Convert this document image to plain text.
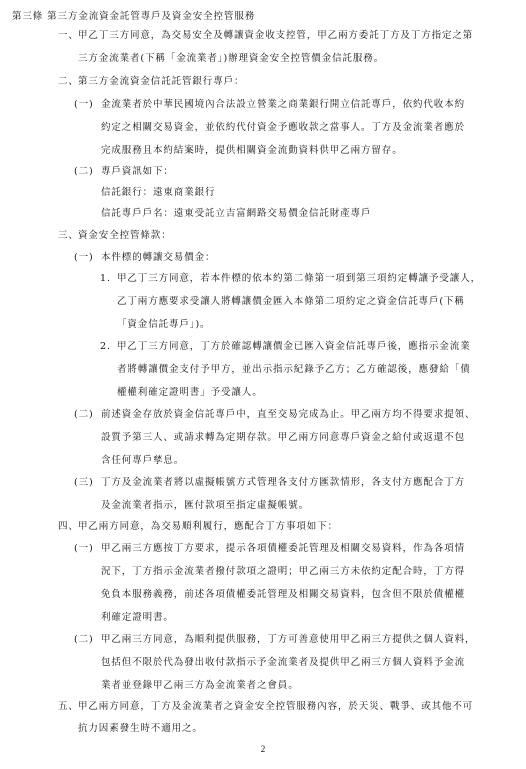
第三條 第三方金流資金託管專戶及資金安全控管服務
一、 甲乙丁三方同意，為交易安全及轉讓資金收支控管，甲乙兩方委託丁方及丁方指定之第
三方金流業者(下稱「金流業者」)辦理資金安全控管價金信託服務。
二、 第三方金流資金信託託管銀行專戶：
(一) 金流業者於中華民國境內合法設立營業之商業銀行開立信託專戶，依約代收本約
約定之相關交易資金，並依約代付資金予應收款之當事人。丁方及金流業者應於
完成服務且本約結案時，提供相關資金流動資料供甲乙兩方留存。
(二) 專戶資訊如下：
信託銀行：遠東商業銀行
信託專戶戶名：遠東受託立吉富網路交易價金信託財產專戶
三、 資金安全控管條款：
(一) 本件標的轉讓交易價金：
1. 甲乙丁三方同意，若本件標的依本約第二條第一項到第三項約定轉讓予受讓人，
乙丁兩方應要求受讓人將轉讓價金匯入本條第二項約定之資金信託專戶(下稱
「資金信託專戶」)。
2. 甲乙丁三方同意，丁方於確認轉讓價金已匯入資金信託專戶後，應指示金流業
者將轉讓價金支付予甲方，並出示指示紀錄予乙方；乙方確認後，應發給「債
權權利確定證明書」予受讓人。
(二) 前述資金存放於資金信託專戶中，直至交易完成為止。甲乙兩方均不得要求提領、
設質予第三人、或請求轉為定期存款。甲乙兩方同意專戶資金之給付或返還不包
含任何專戶孳息。
(三) 丁方及金流業者將以虛擬帳號方式管理各支付方匯款情形，各支付方應配合丁方
及金流業者指示，匯付款項至指定虛擬帳號。
四、 甲乙兩方同意，為交易順利履行，應配合丁方事項如下：
(一) 甲乙兩三方應按丁方要求，提示各項債權委託管理及相關交易資料，作為各項情
況下，丁方指示金流業者撥付款項之證明；甲乙兩三方未依約定配合時，丁方得
免負本服務義務，前述各項債權委託管理及相關交易資料，包含但不限於債權權
利確定證明書。
(二) 甲乙兩三方同意，為順利提供服務，丁方可善意使用甲乙兩三方提供之個人資料，
包括但不限於代為發出收付款指示予金流業者及提供甲乙兩三方個人資料予金流
業者並登錄甲乙兩三方為金流業者之會員。
五、 甲乙兩方同意，丁方及金流業者之資金安全控管服務內容，於天災、戰爭、或其他不可
抗力因素發生時不適用之。
2
